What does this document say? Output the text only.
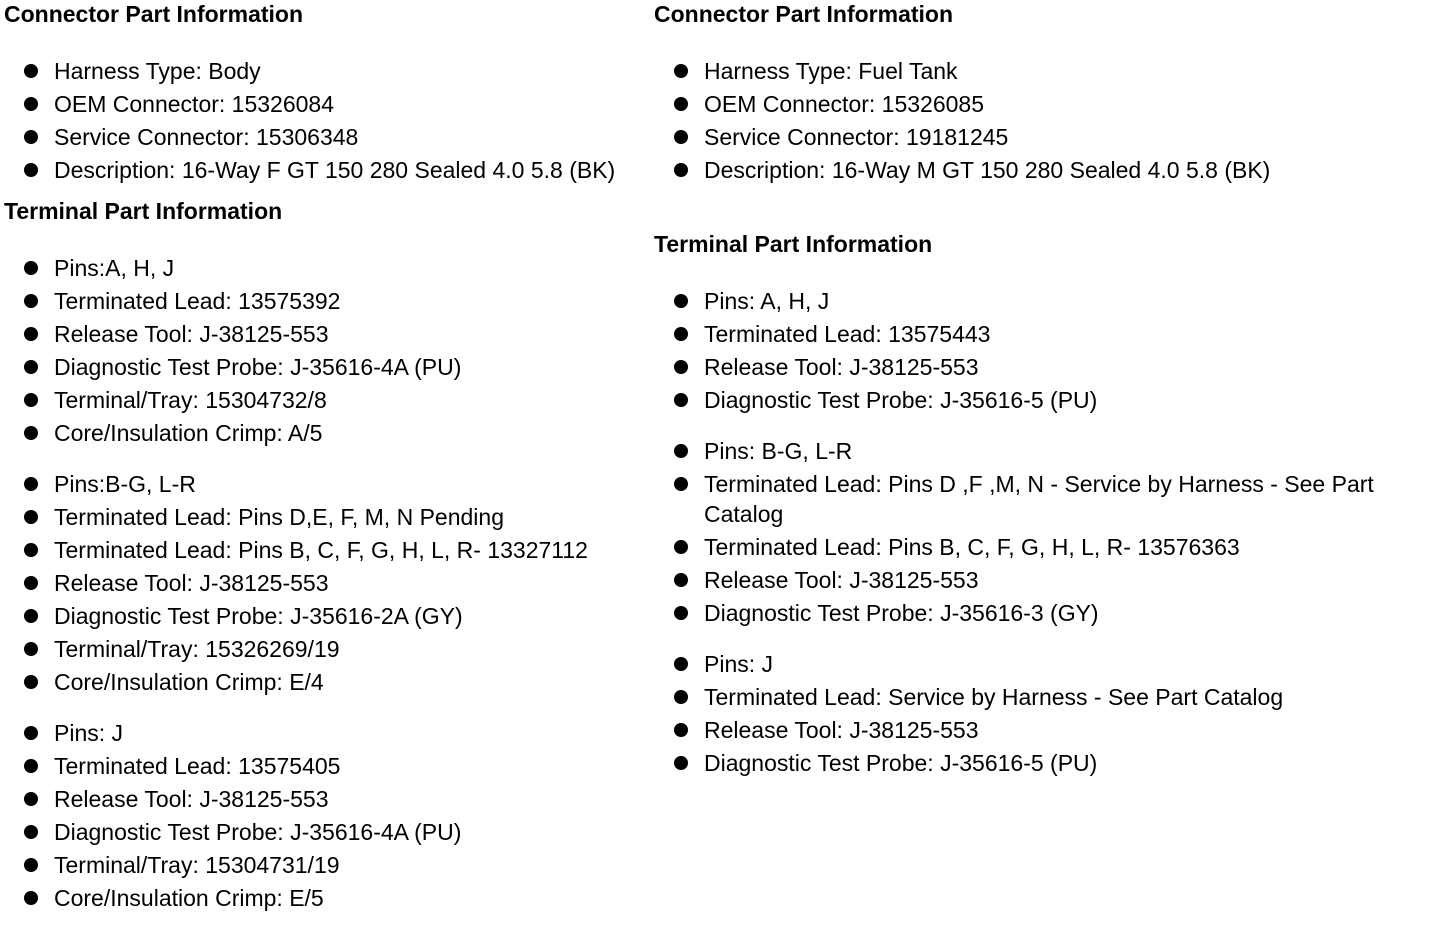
Connector Part Information
Harness Type: Body
OEM Connector: 15326084
Service Connector: 15306348
Description: 16-Way F GT 150 280 Sealed 4.0 5.8 (BK)
Terminal Part Information
Pins:A, H, J
Terminated Lead: 13575392
Release Tool: J-38125-553
Diagnostic Test Probe: J-35616-4A (PU)
Terminal/Tray: 15304732/8
Core/Insulation Crimp: A/5
Pins:B-G, L-R
Terminated Lead: Pins D,E, F, M, N Pending
Terminated Lead: Pins B, C, F, G, H, L, R- 13327112
Release Tool: J-38125-553
Diagnostic Test Probe: J-35616-2A (GY)
Terminal/Tray: 15326269/19
Core/Insulation Crimp: E/4
Pins: J
Terminated Lead: 13575405
Release Tool: J-38125-553
Diagnostic Test Probe: J-35616-4A (PU)
Terminal/Tray: 15304731/19
Core/Insulation Crimp: E/5
Connector Part Information
Harness Type: Fuel Tank
OEM Connector: 15326085
Service Connector: 19181245
Description: 16-Way M GT 150 280 Sealed 4.0 5.8 (BK)
Terminal Part Information
Pins: A, H, J
Terminated Lead: 13575443
Release Tool: J-38125-553
Diagnostic Test Probe: J-35616-5 (PU)
Pins: B-G, L-R
Terminated Lead: Pins D ,F ,M, N - Service by Harness - See Part Catalog
Terminated Lead: Pins B, C, F, G, H, L, R- 13576363
Release Tool: J-38125-553
Diagnostic Test Probe: J-35616-3 (GY)
Pins: J
Terminated Lead: Service by Harness - See Part Catalog
Release Tool: J-38125-553
Diagnostic Test Probe: J-35616-5 (PU)
